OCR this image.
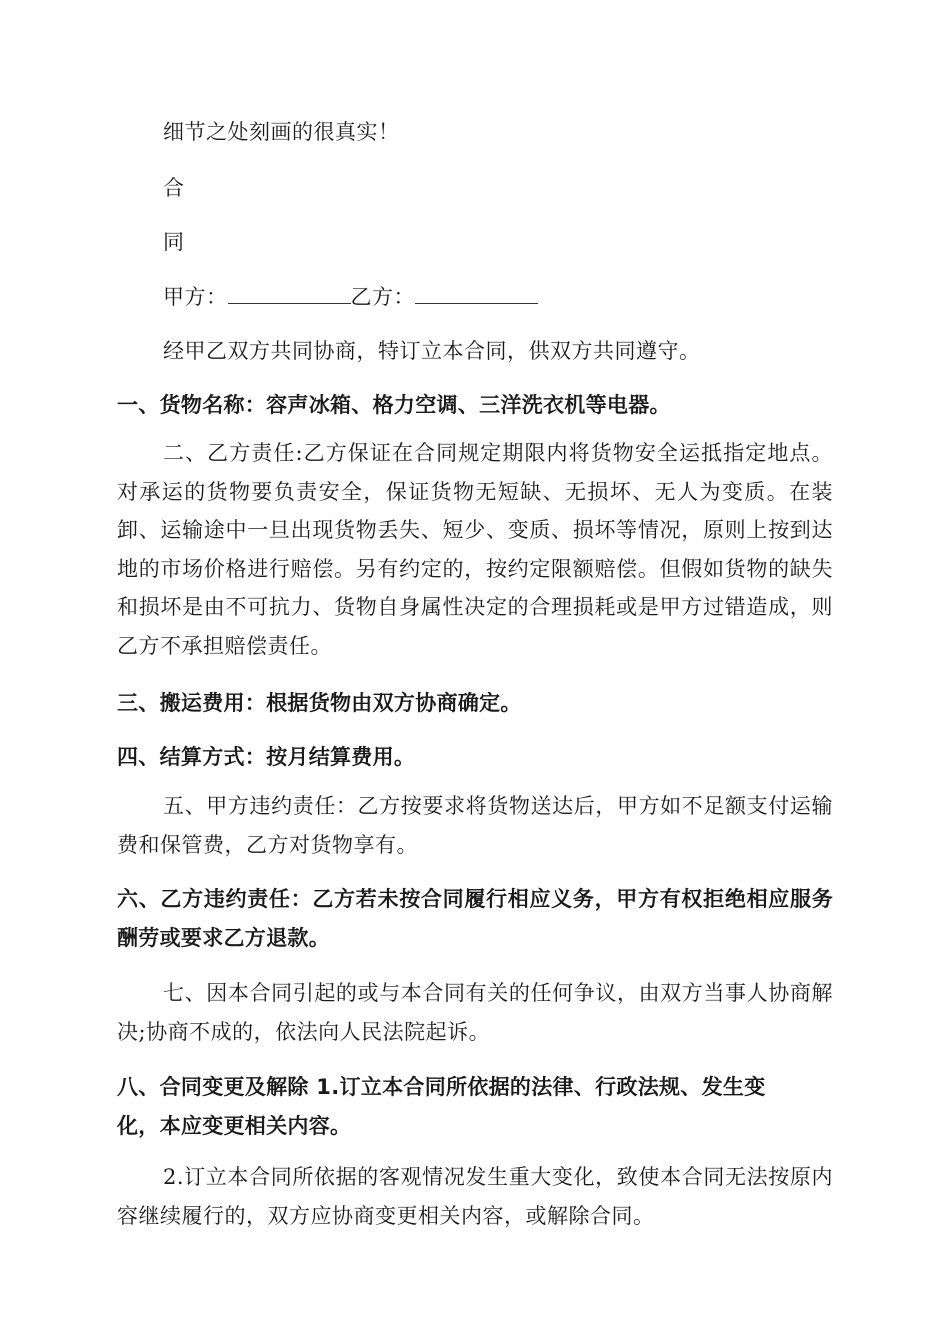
细节之处刻画的很真实！
合
同
甲方：	乙方：
经甲乙双方共同协商，特订立本合同，供双方共同遵守。
一、货物名称：容声冰箱、格力空调、三洋洗衣机等电器。
二、乙方责任:乙方保证在合同规定期限内将货物安全运抵指定地点。对承运的货物要负责安全，保证货物无短缺、无损坏、无人为变质。在装卸、运输途中一旦出现货物丢失、短少、变质、损坏等情况，原则上按到达地的市场价格进行赔偿。另有约定的，按约定限额赔偿。但假如货物的缺失和损坏是由不可抗力、货物自身属性决定的合理损耗或是甲方过错造成，则乙方不承担赔偿责任。
三、搬运费用：根据货物由双方协商确定。
四、结算方式：按月结算费用。
五、甲方违约责任：乙方按要求将货物送达后，甲方如不足额支付运输费和保管费，乙方对货物享有。
六、乙方违约责任：乙方若未按合同履行相应义务，甲方有权拒绝相应服务酬劳或要求乙方退款。
七、因本合同引起的或与本合同有关的任何争议，由双方当事人协商解决;协商不成的，依法向人民法院起诉。
八、合同变更及解除 1.订立本合同所依据的法律、行政法规、发生变
化，本应变更相关内容。
2.订立本合同所依据的客观情况发生重大变化，致使本合同无法按原内容继续履行的，双方应协商变更相关内容，或解除合同。
